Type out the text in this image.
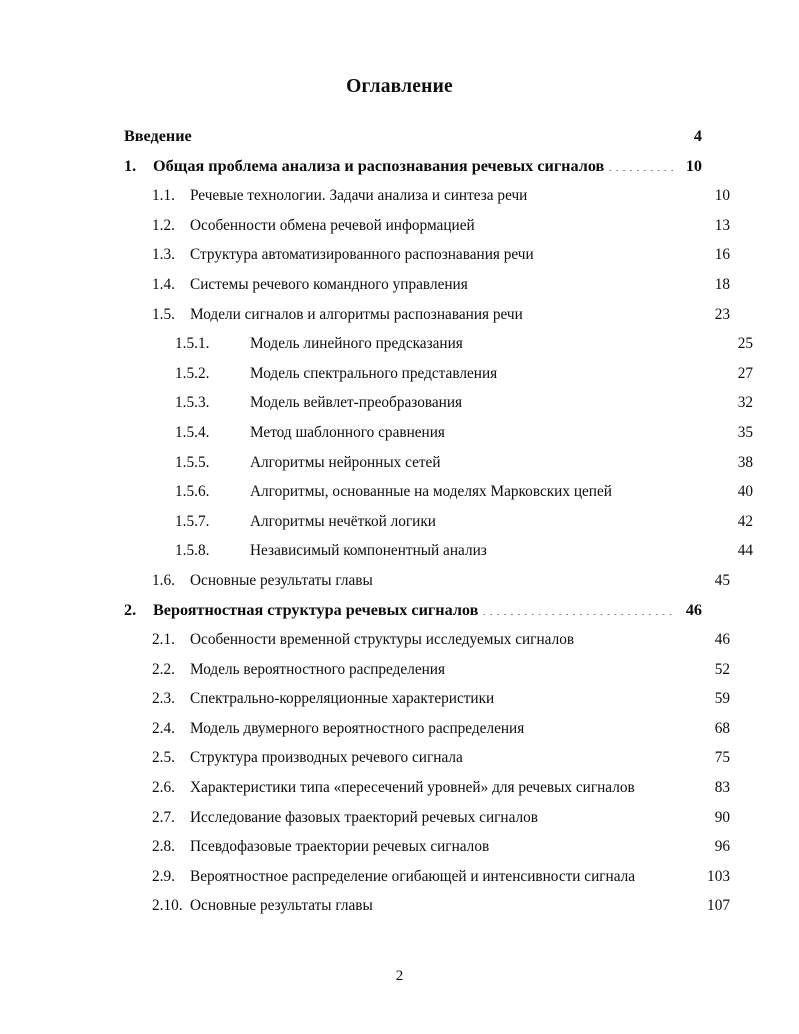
Оглавление
Введение . . .	4
1.	Общая проблема анализа и распознавания речевых сигналов . . .	10
1.1. Речевые технологии. Задачи анализа и синтеза речи . . .	10
1.2. Особенности обмена речевой информацией . . .	13
1.3. Структура автоматизированного распознавания речи . . .	16
1.4. Системы речевого командного управления . . .	18
1.5. Модели сигналов и алгоритмы распознавания речи . . .	23
1.5.1.	Модель линейного предсказания . . .	25
1.5.2.	Модель спектрального представления . . .	27
1.5.3.	Модель вейвлет-преобразования . . .	32
1.5.4.	Метод шаблонного сравнения . . .	35
1.5.5.	Алгоритмы нейронных сетей . . .	38
1.5.6.	Алгоритмы, основанные на моделях Марковских цепей . . .	40
1.5.7.	Алгоритмы нечёткой логики . . .	42
1.5.8.	Независимый компонентный анализ . . .	44
1.6. Основные результаты главы . . .	45
2.	Вероятностная структура речевых сигналов . . .	46
2.1. Особенности временной структуры исследуемых сигналов . . .	46
2.2. Модель вероятностного распределения . . .	52
2.3. Спектрально-корреляционные характеристики . . .	59
2.4. Модель двумерного вероятностного распределения . . .	68
2.5. Структура производных речевого сигнала . . .	75
2.6. Характеристики типа «пересечений уровней» для речевых сигналов . . .	83
2.7. Исследование фазовых траекторий речевых сигналов . . .	90
2.8. Псевдофазовые траектории речевых сигналов . . .	96
2.9. Вероятностное распределение огибающей и интенсивности сигнала . . .	103
2.10. Основные результаты главы . . .	107
2
